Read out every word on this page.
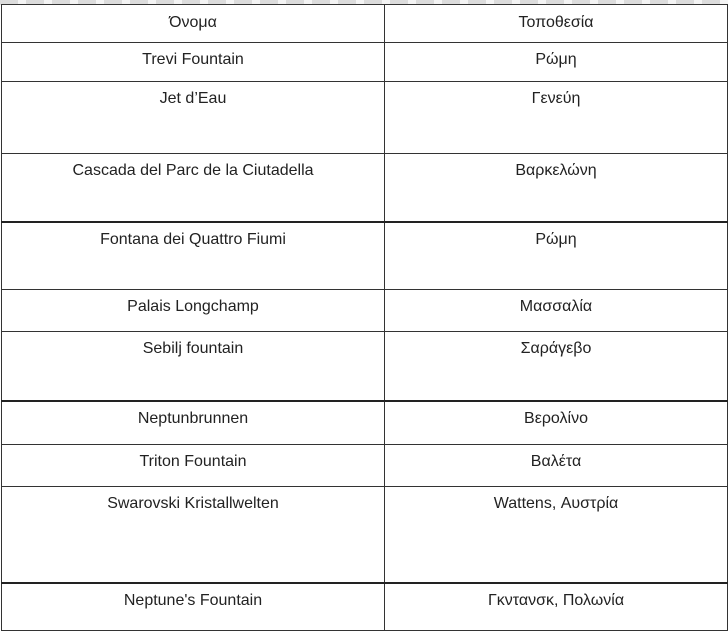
Όνομα	Τοποθεσία
Trevi Fountain	Ρώμη
Jet d’Eau	Γενεύη
Cascada del Parc de la Ciutadella	Βαρκελώνη
Fontana dei Quattro Fiumi	Ρώμη
Palais Longchamp	Μασσαλία
Sebilj fountain	Σαράγεβο
Neptunbrunnen	Βερολίνο
Triton Fountain	Βαλέτα
Swarovski Kristallwelten	Wattens, Αυστρία
Neptune's Fountain	Γκντανσκ, Πολωνία
